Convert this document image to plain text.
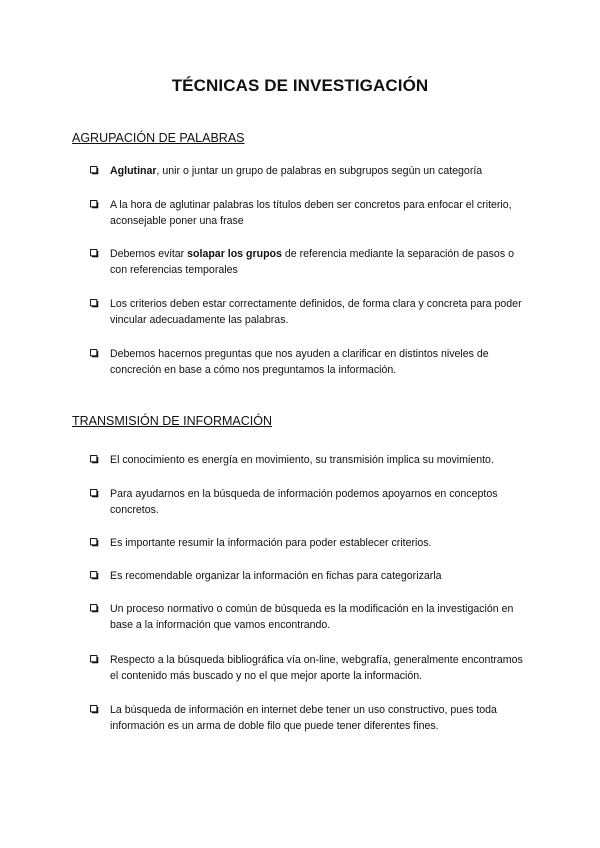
TÉCNICAS DE INVESTIGACIÓN
AGRUPACIÓN DE PALABRAS
Aglutinar, unir o juntar un grupo de palabras en subgrupos según un categoría
A la hora de aglutinar palabras los títulos deben ser concretos para enfocar el criterio, aconsejable poner una frase
Debemos evitar solapar los grupos de referencia mediante la separación de pasos o con referencias temporales
Los criterios deben estar correctamente definidos, de forma clara y concreta para poder vincular adecuadamente las palabras.
Debemos hacernos preguntas que nos ayuden a clarificar en distintos niveles de concreción en base a cómo nos preguntamos la información.
TRANSMISIÓN DE INFORMACIÓN
El conocimiento es energía en movimiento, su transmisión implica su movimiento.
Para ayudarnos en la búsqueda de información podemos apoyarnos en conceptos concretos.
Es importante resumir la información para poder establecer criterios.
Es recomendable organizar la información en fichas para categorizarla
Un proceso normativo o común de búsqueda es la modificación en la investigación en base a la información que vamos encontrando.
Respecto a la búsqueda bibliográfica vía on-line, webgrafía, generalmente encontramos el contenido más buscado y no el que mejor aporte la información.
La búsqueda de información en internet debe tener un uso constructivo, pues toda información es un arma de doble filo que puede tener diferentes fines.
